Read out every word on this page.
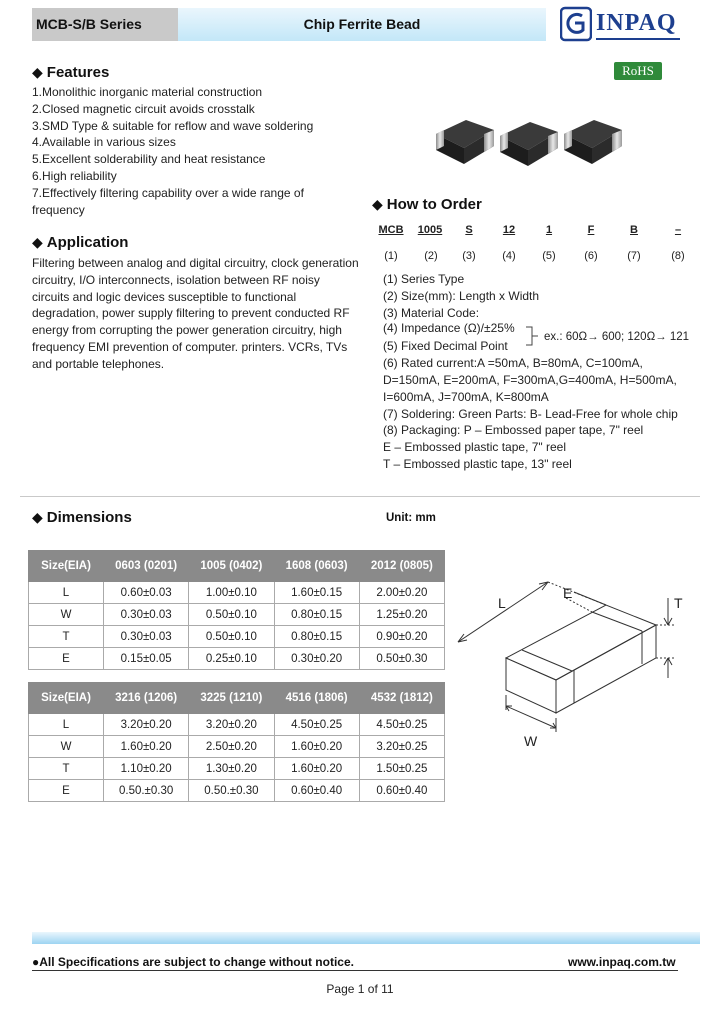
MCB-S/B Series	Chip Ferrite Bead	INPAQ
RoHS
◆ Features
1.Monolithic inorganic material construction
2.Closed magnetic circuit avoids crosstalk
3.SMD Type & suitable for reflow and wave soldering
4.Available in various sizes
5.Excellent solderability and heat resistance
6.High reliability
7.Effectively filtering capability over a wide range of
frequency
◆ Application
Filtering between analog and digital circuitry, clock generation
circuitry, I/O interconnects, isolation between RF noisy
circuits and logic devices susceptible to functional
degradation, power supply filtering to prevent conducted RF
energy from corrupting the power generation circuitry, high
frequency EMI prevention of computer. printers. VCRs, TVs
and portable telephones.
◆ How to Order
MCB	1005	S	12	1	F	B	–
(1)	(2)	(3)	(4)	(5)	(6)	(7)	(8)
(1) Series Type
(2) Size(mm): Length x Width
(3) Material Code:
(4) Impedance (Ω)/±25%
ex.: 60Ω→ 600; 120Ω→ 121
(5) Fixed Decimal Point
(6) Rated current:A =50mA, B=80mA, C=100mA,
D=150mA, E=200mA, F=300mA,G=400mA, H=500mA,
I=600mA, J=700mA, K=800mA
(7) Soldering: Green Parts: B- Lead-Free for whole chip
(8) Packaging: P – Embossed paper tape, 7" reel
E – Embossed plastic tape, 7" reel
T – Embossed plastic tape, 13" reel
◆ Dimensions	Unit: mm
Size(EIA)	0603 (0201)	1005 (0402)	1608 (0603)	2012 (0805)
L	0.60±0.03	1.00±0.10	1.60±0.15	2.00±0.20
W	0.30±0.03	0.50±0.10	0.80±0.15	1.25±0.20
T	0.30±0.03	0.50±0.10	0.80±0.15	0.90±0.20
E	0.15±0.05	0.25±0.10	0.30±0.20	0.50±0.30
Size(EIA)	3216 (1206)	3225 (1210)	4516 (1806)	4532 (1812)
L	3.20±0.20	3.20±0.20	4.50±0.25	4.50±0.25
W	1.60±0.20	2.50±0.20	1.60±0.20	3.20±0.25
T	1.10±0.20	1.30±0.20	1.60±0.20	1.50±0.25
E	0.50.±0.30	0.50.±0.30	0.60±0.40	0.60±0.40
L
E
T
W
●All Specifications are subject to change without notice.	www.inpaq.com.tw
Page 1 of 11
